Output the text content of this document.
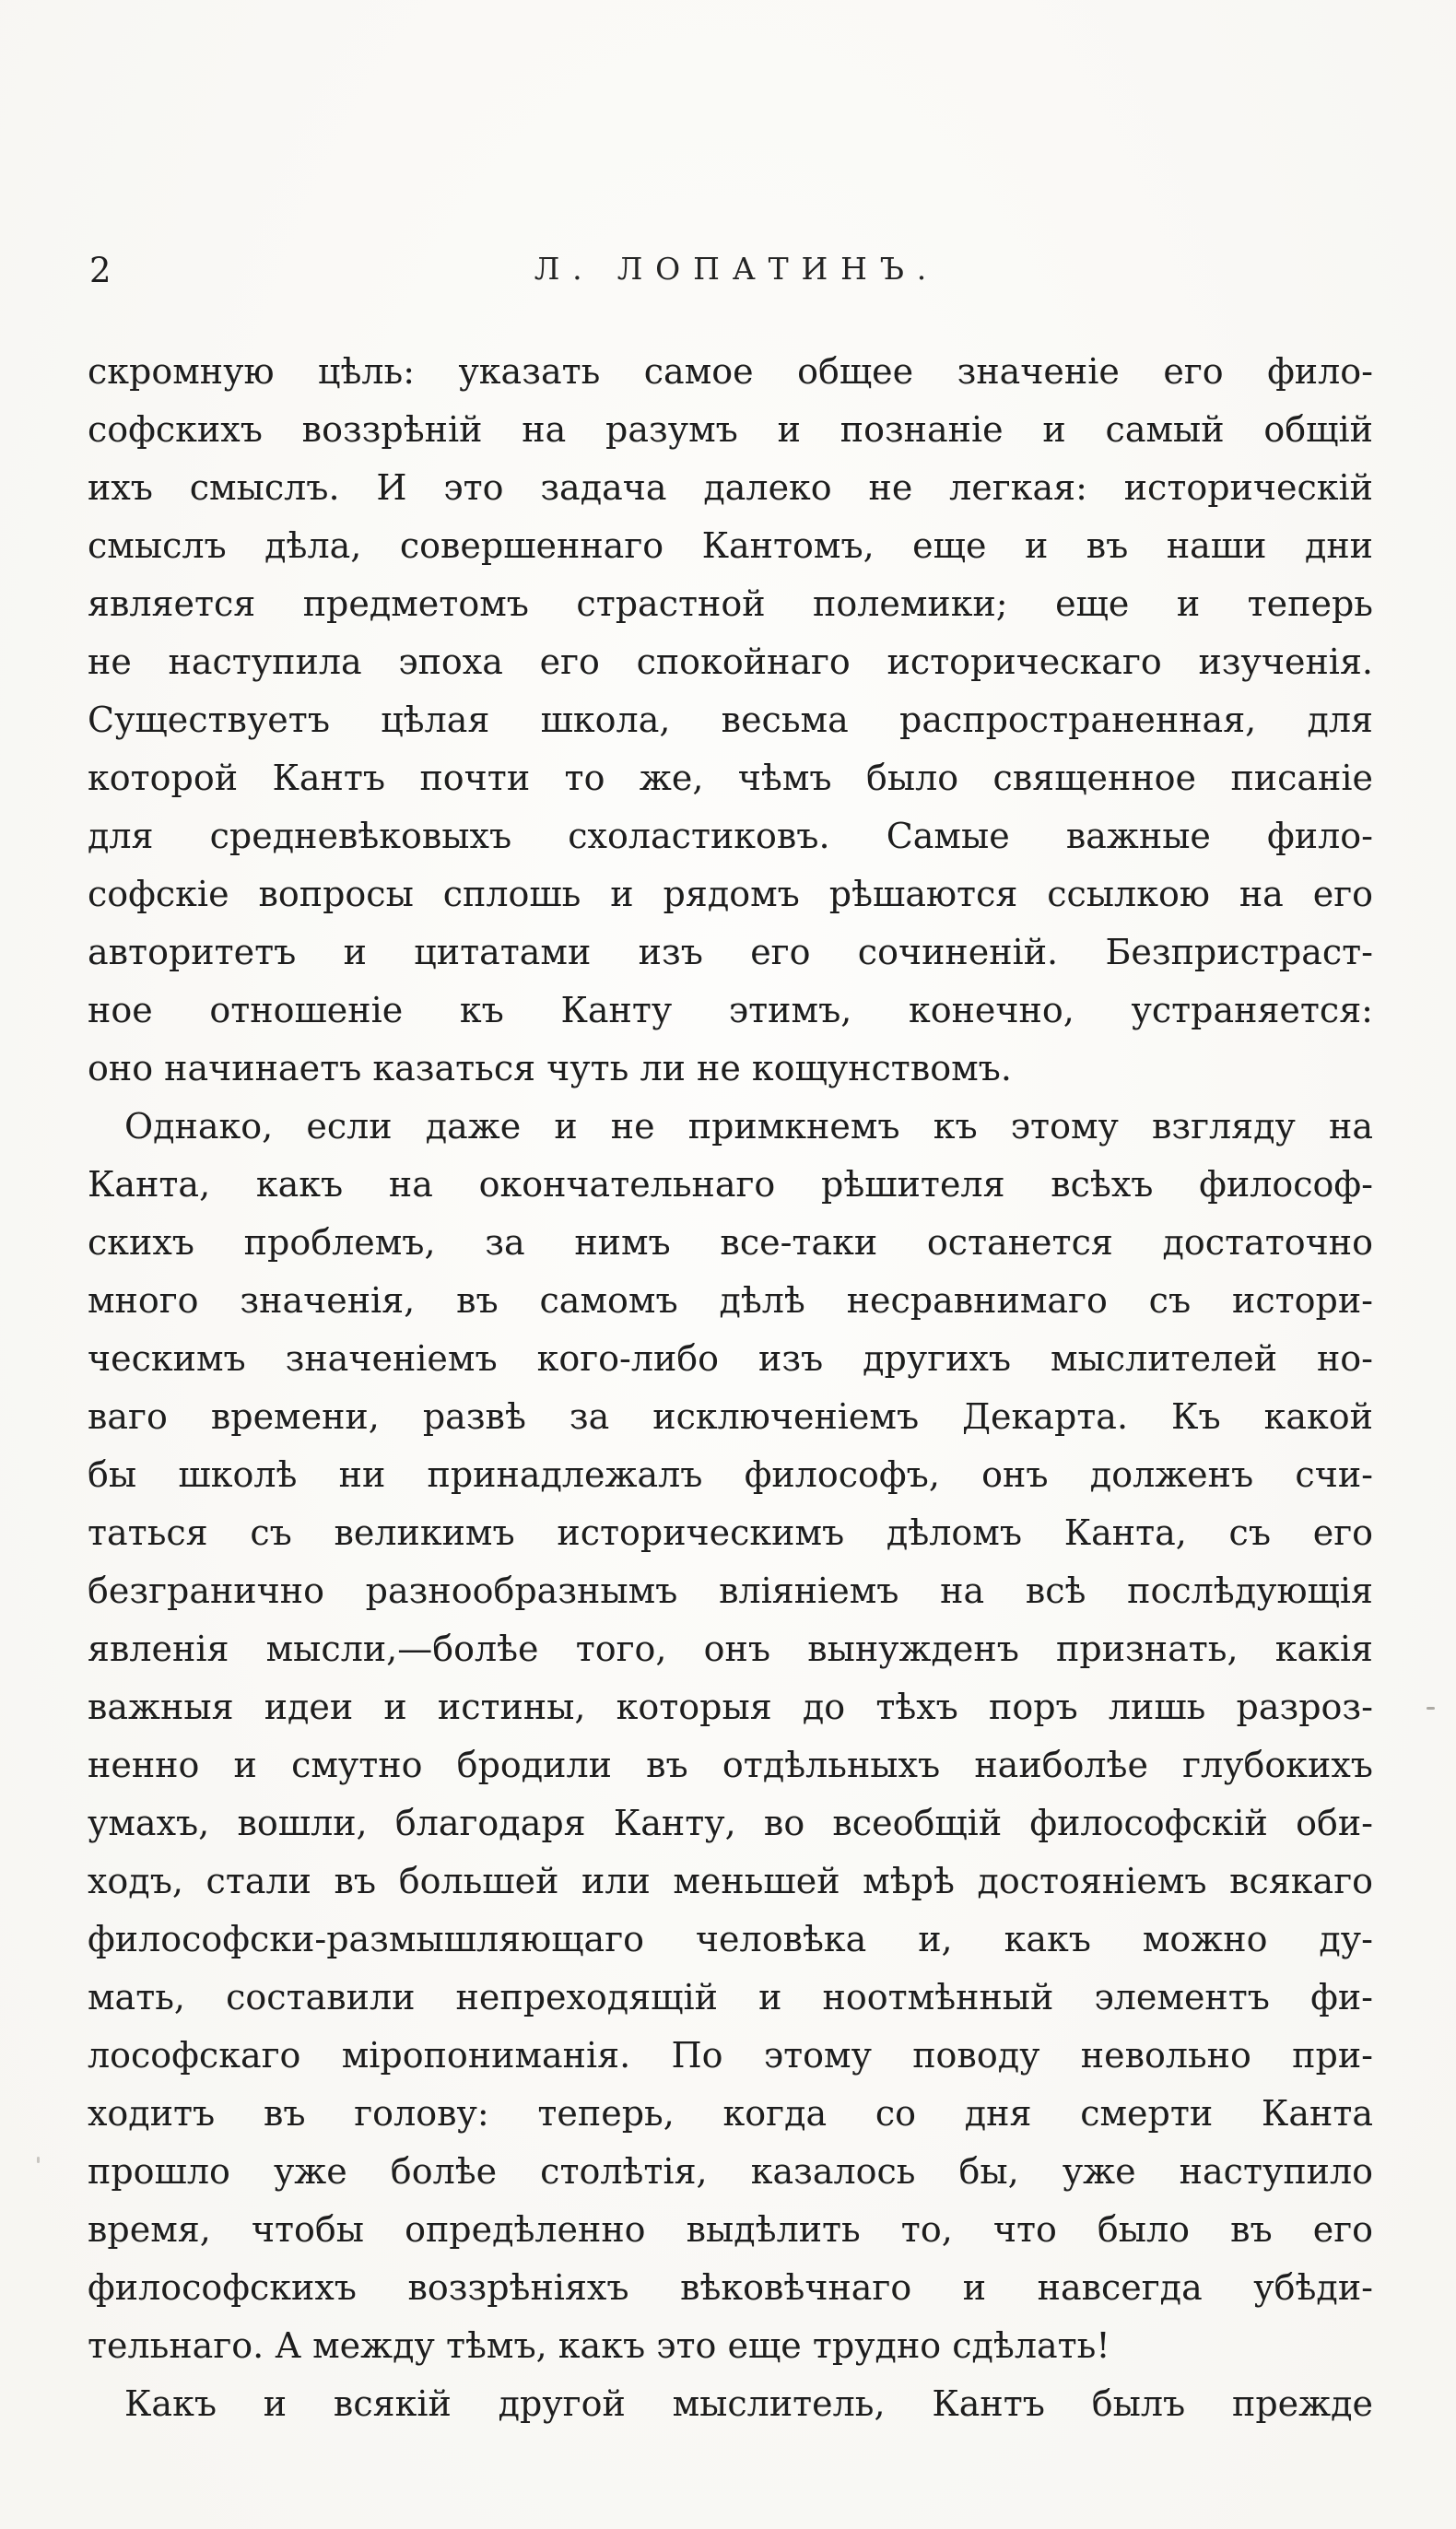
2	Л. ЛОПАТИНЪ.
скромную цѣль: указать самое общее значеніе его фило-
софскихъ воззрѣній на разумъ и познаніе и самый общій
ихъ смыслъ. И это задача далеко не легкая: историческій
смыслъ дѣла, совершеннаго Кантомъ, еще и въ наши дни
является предметомъ страстной полемики; еще и теперь
не наступила эпоха его спокойнаго историческаго изученія.
Существуетъ цѣлая школа, весьма распространенная, для
которой Кантъ почти то же, чѣмъ было священное писаніе
для средневѣковыхъ схоластиковъ. Самые важные фило-
софскіе вопросы сплошь и рядомъ рѣшаются ссылкою на его
авторитетъ и цитатами изъ его сочиненій. Безпристраст-
ное отношеніе къ Канту этимъ, конечно, устраняется:
оно начинаетъ казаться чуть ли не кощунствомъ.
Однако, если даже и не примкнемъ къ этому взгляду на
Канта, какъ на окончательнаго рѣшителя всѣхъ философ-
скихъ проблемъ, за нимъ все-таки останется достаточно
много значенія, въ самомъ дѣлѣ несравнимаго съ истори-
ческимъ значеніемъ кого-либо изъ другихъ мыслителей но-
ваго времени, развѣ за исключеніемъ Декарта. Къ какой
бы школѣ ни принадлежалъ философъ, онъ долженъ счи-
таться съ великимъ историческимъ дѣломъ Канта, съ его
безгранично разнообразнымъ вліяніемъ на всѣ послѣдующія
явленія мысли,—болѣе того, онъ вынужденъ признать, какія
важныя идеи и истины, которыя до тѣхъ поръ лишь разроз-
ненно и смутно бродили въ отдѣльныхъ наиболѣе глубокихъ
умахъ, вошли, благодаря Канту, во всеобщій философскій оби-
ходъ, стали въ большей или меньшей мѣрѣ достояніемъ всякаго
философски-размышляющаго человѣка и, какъ можно ду-
мать, составили непреходящій и ноотмѣнный элементъ фи-
лософскаго міропониманія. По этому поводу невольно при-
ходитъ въ голову: теперь, когда со дня смерти Канта
прошло уже болѣе столѣтія, казалось бы, уже наступило
время, чтобы опредѣленно выдѣлить то, что было въ его
философскихъ воззрѣніяхъ вѣковѣчнаго и навсегда убѣди-
тельнаго. А между тѣмъ, какъ это еще трудно сдѣлать!
Какъ и всякій другой мыслитель, Кантъ былъ прежде
